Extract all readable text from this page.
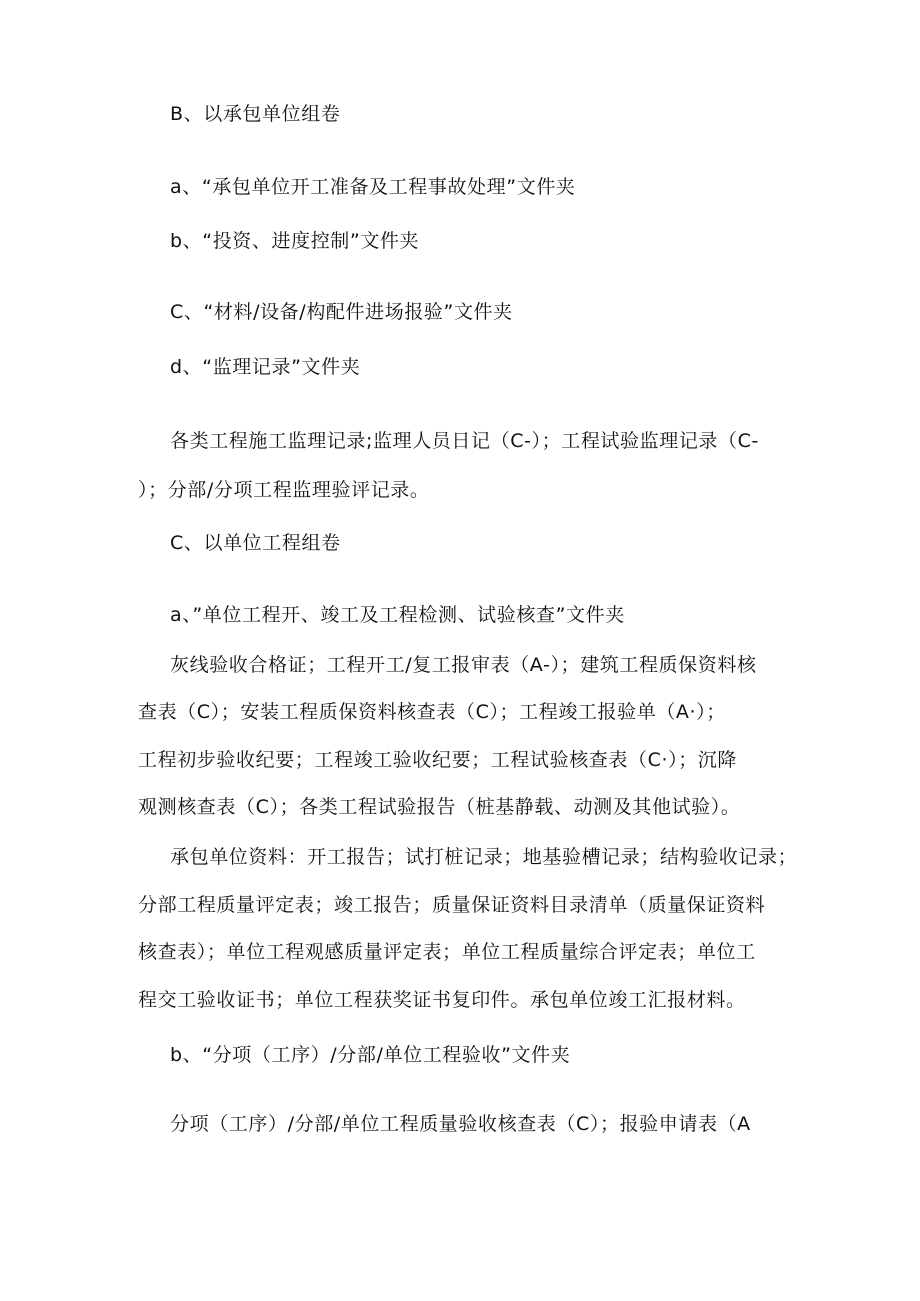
B、以承包单位组卷
a、“承包单位开工准备及工程事故处理”文件夹
b、“投资、进度控制”文件夹
C、“材料/设备/构配件进场报验”文件夹
d、“监理记录”文件夹
各类工程施工监理记录;监理人员日记（C-）；工程试验监理记录（C-
）；分部/分项工程监理验评记录。
C、以单位工程组卷
a、”单位工程开、竣工及工程检测、试验核查”文件夹
灰线验收合格证；工程开工/复工报审表（A-）；建筑工程质保资料核
查表（C）；安装工程质保资料核查表（C）；工程竣工报验单（A·）；
工程初步验收纪要；工程竣工验收纪要；工程试验核查表（C·）；沉降
观测核查表（C）；各类工程试验报告（桩基静载、动测及其他试验）。
承包单位资料：开工报告；试打桩记录；地基验槽记录；结构验收记录；
分部工程质量评定表；竣工报告；质量保证资料目录清单（质量保证资料
核查表）；单位工程观感质量评定表；单位工程质量综合评定表；单位工
程交工验收证书；单位工程获奖证书复印件。承包单位竣工汇报材料。
b、“分项（工序）/分部/单位工程验收”文件夹
分项（工序）/分部/单位工程质量验收核查表（C）；报验申请表（A
